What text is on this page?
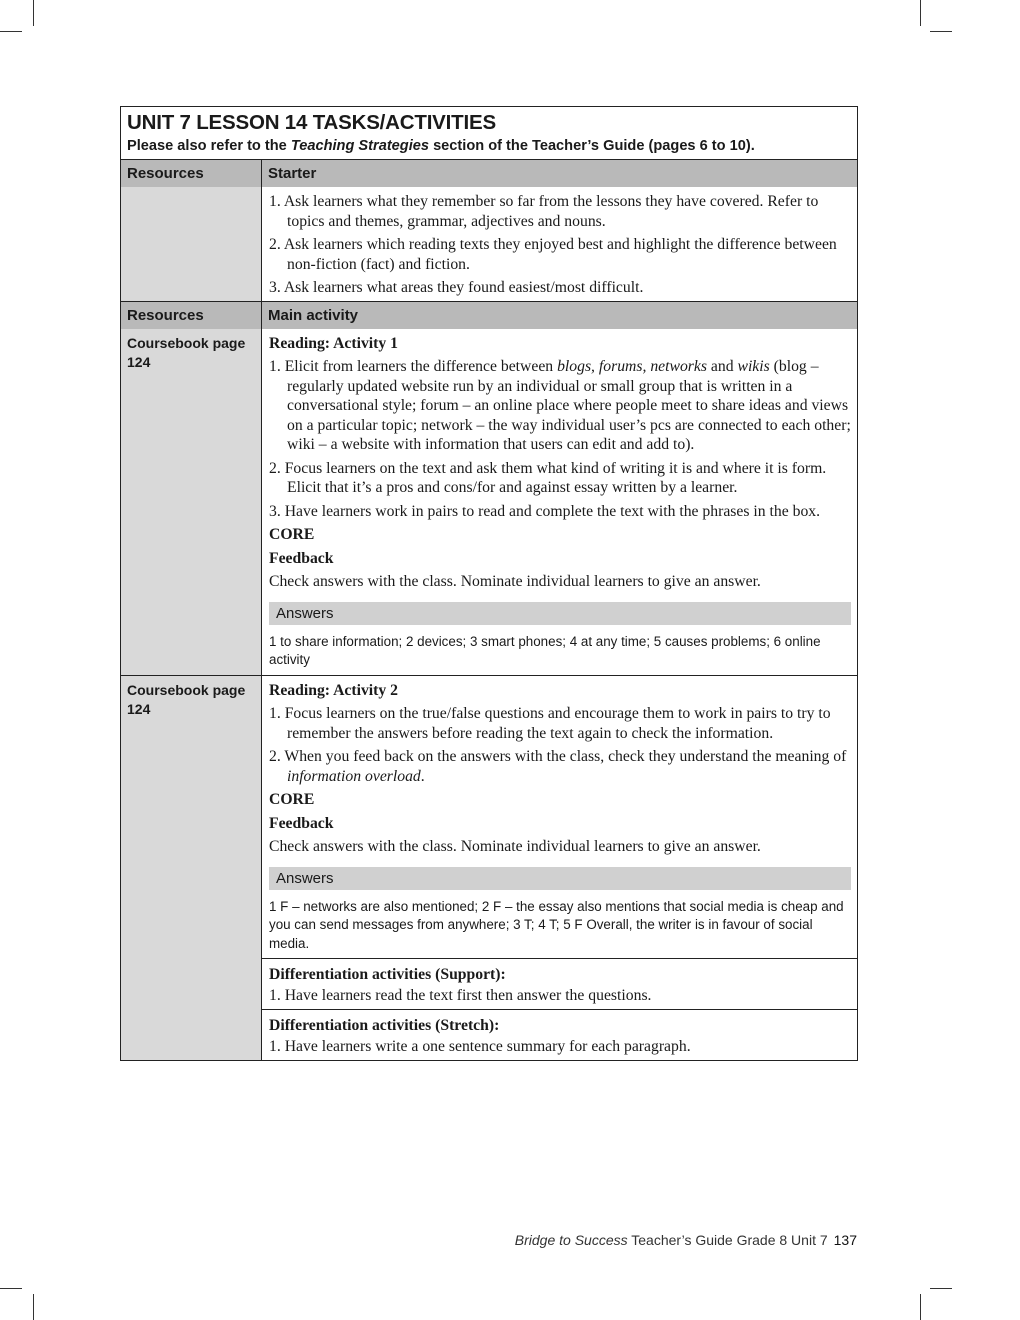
UNIT 7 LESSON 14 TASKS/ACTIVITIES
Please also refer to the Teaching Strategies section of the Teacher’s Guide (pages 6 to 10).
Resources	Starter
1. Ask learners what they remember so far from the lessons they have covered. Refer to topics and themes, grammar, adjectives and nouns.
2. Ask learners which reading texts they enjoyed best and highlight the difference between non-fiction (fact) and fiction.
3. Ask learners what areas they found easiest/most difficult.
Resources	Main activity
Coursebook page 124
Reading: Activity 1
1. Elicit from learners the difference between blogs, forums, networks and wikis (blog – regularly updated website run by an individual or small group that is written in a conversational style; forum – an online place where people meet to share ideas and views on a particular topic; network – the way individual user’s pcs are connected to each other; wiki – a website with information that users can edit and add to).
2. Focus learners on the text and ask them what kind of writing it is and where it is form. Elicit that it’s a pros and cons/for and against essay written by a learner.
3. Have learners work in pairs to read and complete the text with the phrases in the box.
CORE
Feedback
Check answers with the class. Nominate individual learners to give an answer.
Answers
1 to share information; 2 devices; 3 smart phones; 4 at any time; 5 causes problems; 6 online activity
Coursebook page 124
Reading: Activity 2
1. Focus learners on the true/false questions and encourage them to work in pairs to try to remember the answers before reading the text again to check the information.
2. When you feed back on the answers with the class, check they understand the meaning of information overload.
CORE
Feedback
Check answers with the class. Nominate individual learners to give an answer.
Answers
1 F – networks are also mentioned; 2 F – the essay also mentions that social media is cheap and you can send messages from anywhere; 3 T; 4 T; 5 F Overall, the writer is in favour of social media.
Differentiation activities (Support):
1. Have learners read the text first then answer the questions.
Differentiation activities (Stretch):
1. Have learners write a one sentence summary for each paragraph.
Bridge to Success Teacher’s Guide Grade 8 Unit 7 137
